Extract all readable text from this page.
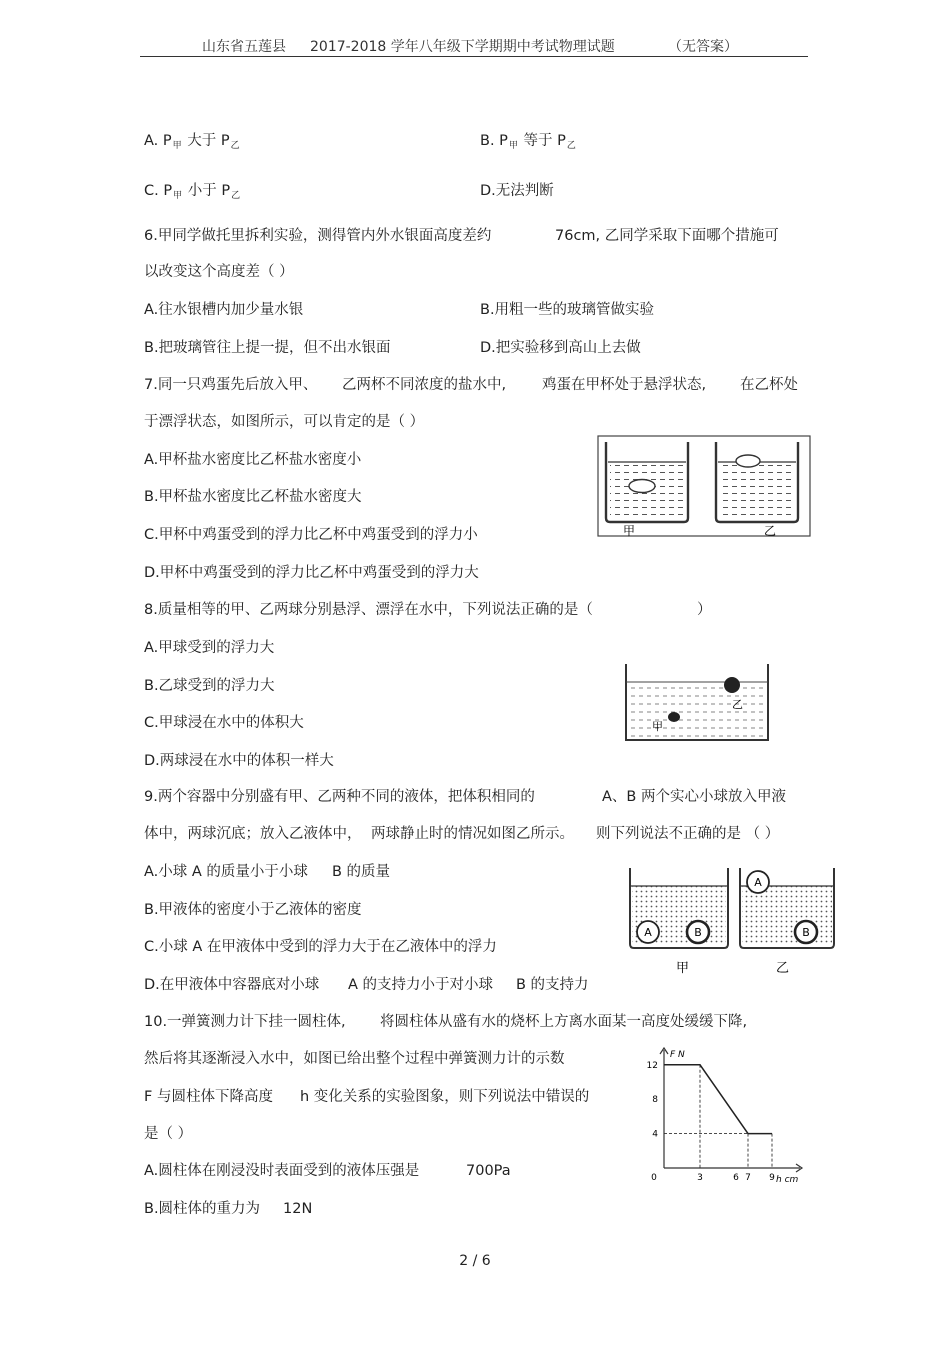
山东省五莲县 2017-2018 学年八年级下学期期中考试物理试题	（无答案）
A. $P_甲$ 大于 $P_乙$	B. $P_甲$ 等于 $P_乙$
C. $P_甲$ 小于 $P_乙$	D.无法判断
6.甲同学做托里拆利实验，测得管内外水银面高度差约	76cm, 乙同学采取下面哪个措施可
以改变这个高度差（ ）
A.往水银槽内加少量水银	B.用粗一些的玻璃管做实验
B.把玻璃管往上提一提，但不出水银面	D.把实验移到高山上去做
7.同一只鸡蛋先后放入甲、 乙两杯不同浓度的盐水中, 鸡蛋在甲杯处于悬浮状态, 在乙杯处
于漂浮状态，如图所示，可以肯定的是（ ）
A.甲杯盐水密度比乙杯盐水密度小
B.甲杯盐水密度比乙杯盐水密度大
C.甲杯中鸡蛋受到的浮力比乙杯中鸡蛋受到的浮力小
D.甲杯中鸡蛋受到的浮力比乙杯中鸡蛋受到的浮力大
甲	乙
8.质量相等的甲、乙两球分别悬浮、漂浮在水中，下列说法正确的是（	）
A.甲球受到的浮力大
B.乙球受到的浮力大
C.甲球浸在水中的体积大
D.两球浸在水中的体积一样大
乙
甲
9.两个容器中分别盛有甲、乙两种不同的液体，把体积相同的	A、B 两个实心小球放入甲液
体中，两球沉底；放入乙液体中， 两球静止时的情况如图乙所示。 则下列说法不正确的是 （ ）
A.小球 A 的质量小于小球 B 的质量
B.甲液体的密度小于乙液体的密度
C.小球 A 在甲液体中受到的浮力大于在乙液体中的浮力
D.在甲液体中容器底对小球 A 的支持力小于对小球 B 的支持力
A	B
A
B
甲	乙
10.一弹簧测力计下挂一圆柱体, 将圆柱体从盛有水的烧杯上方离水面某一高度处缓缓下降,
然后将其逐渐浸入水中，如图已给出整个过程中弹簧测力计的示数
F 与圆柱体下降高度 h 变化关系的实验图象，则下列说法中错误的
是（ ）
A.圆柱体在刚浸没时表面受到的液体压强是	700Pa
B.圆柱体的重力为 12N
F N
h cm
0	3	6 7 9
4
8
12
2 / 6
